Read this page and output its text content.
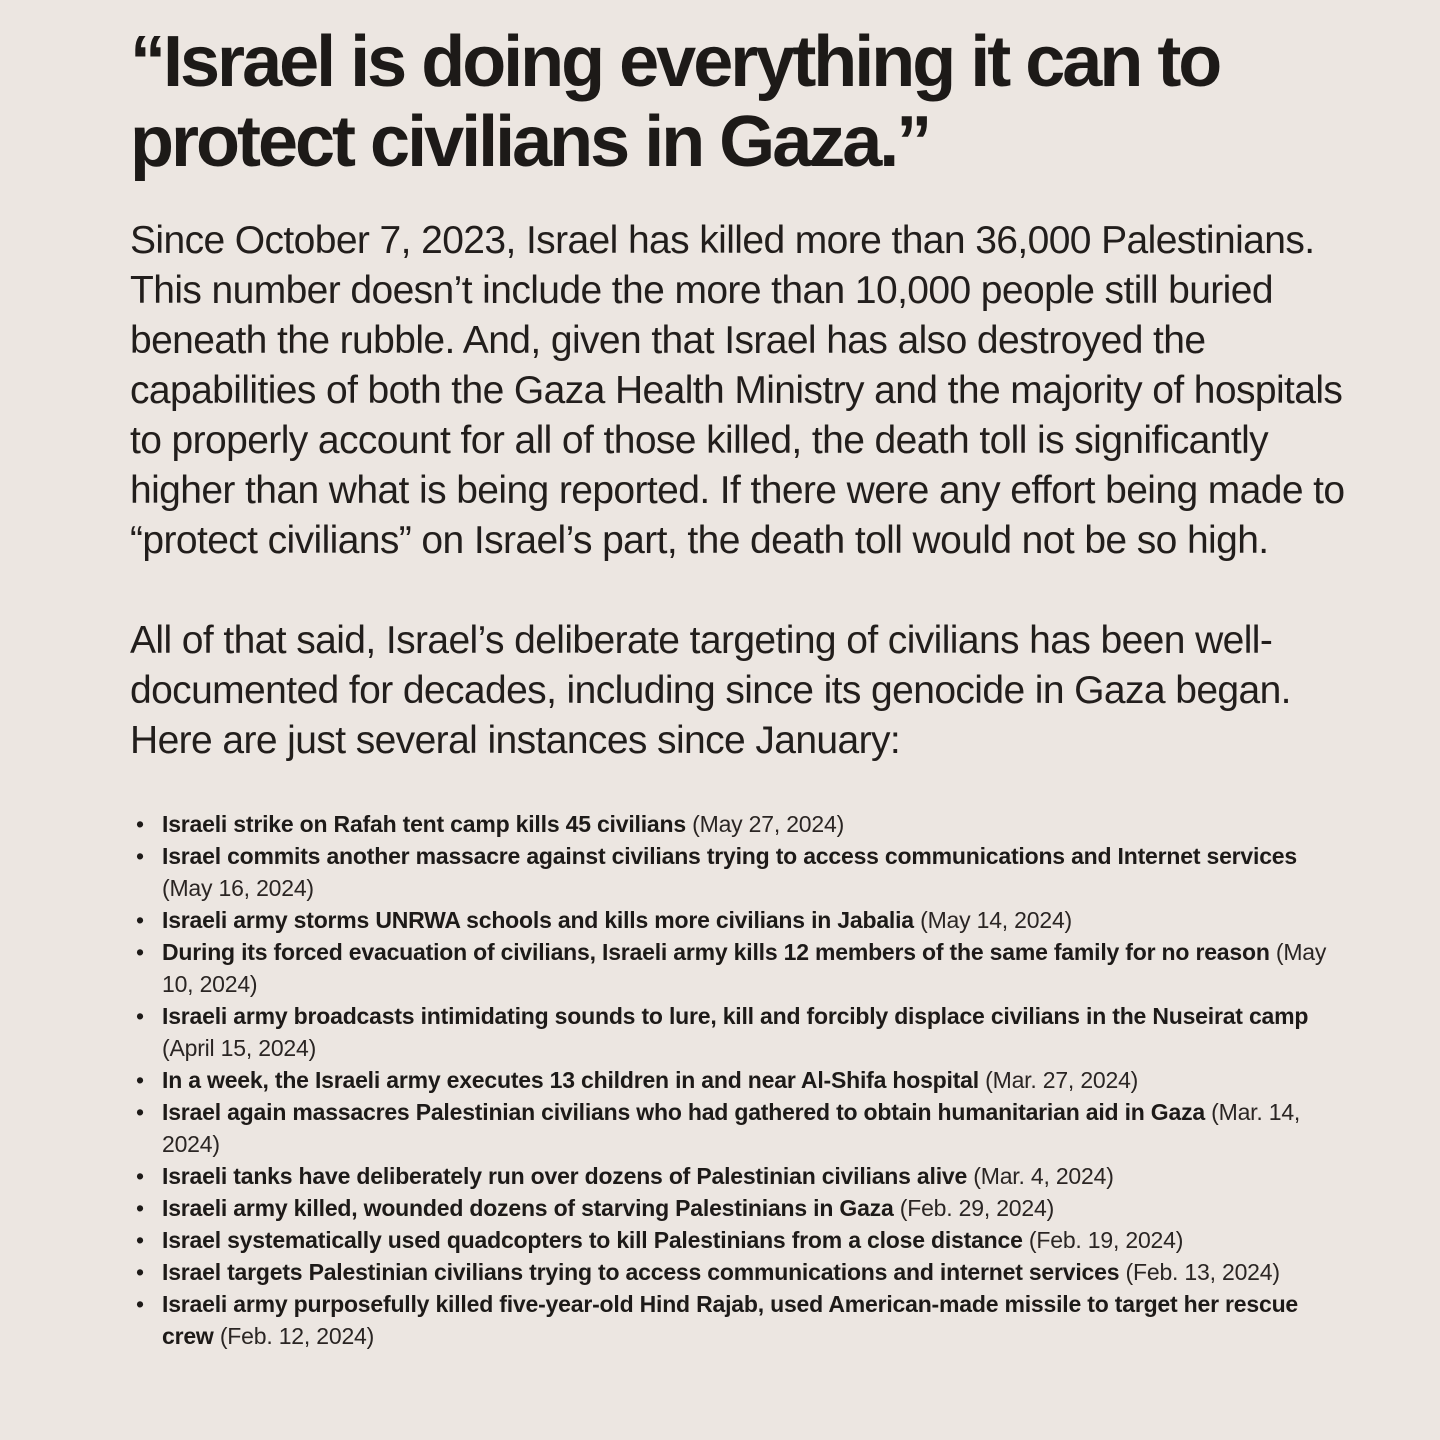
“Israel is doing everything it can to protect civilians in Gaza.”

Since October 7, 2023, Israel has killed more than 36,000 Palestinians. This number doesn’t include the more than 10,000 people still buried beneath the rubble. And, given that Israel has also destroyed the capabilities of both the Gaza Health Ministry and the majority of hospitals to properly account for all of those killed, the death toll is significantly higher than what is being reported. If there were any effort being made to “protect civilians” on Israel’s part, the death toll would not be so high.

All of that said, Israel’s deliberate targeting of civilians has been well-documented for decades, including since its genocide in Gaza began. Here are just several instances since January:

• Israeli strike on Rafah tent camp kills 45 civilians (May 27, 2024)
• Israel commits another massacre against civilians trying to access communications and Internet services (May 16, 2024)
• Israeli army storms UNRWA schools and kills more civilians in Jabalia (May 14, 2024)
• During its forced evacuation of civilians, Israeli army kills 12 members of the same family for no reason (May 10, 2024)
• Israeli army broadcasts intimidating sounds to lure, kill and forcibly displace civilians in the Nuseirat camp (April 15, 2024)
• In a week, the Israeli army executes 13 children in and near Al-Shifa hospital (Mar. 27, 2024)
• Israel again massacres Palestinian civilians who had gathered to obtain humanitarian aid in Gaza (Mar. 14, 2024)
• Israeli tanks have deliberately run over dozens of Palestinian civilians alive (Mar. 4, 2024)
• Israeli army killed, wounded dozens of starving Palestinians in Gaza (Feb. 29, 2024)
• Israel systematically used quadcopters to kill Palestinians from a close distance (Feb. 19, 2024)
• Israel targets Palestinian civilians trying to access communications and internet services (Feb. 13, 2024)
• Israeli army purposefully killed five-year-old Hind Rajab, used American-made missile to target her rescue crew (Feb. 12, 2024)
